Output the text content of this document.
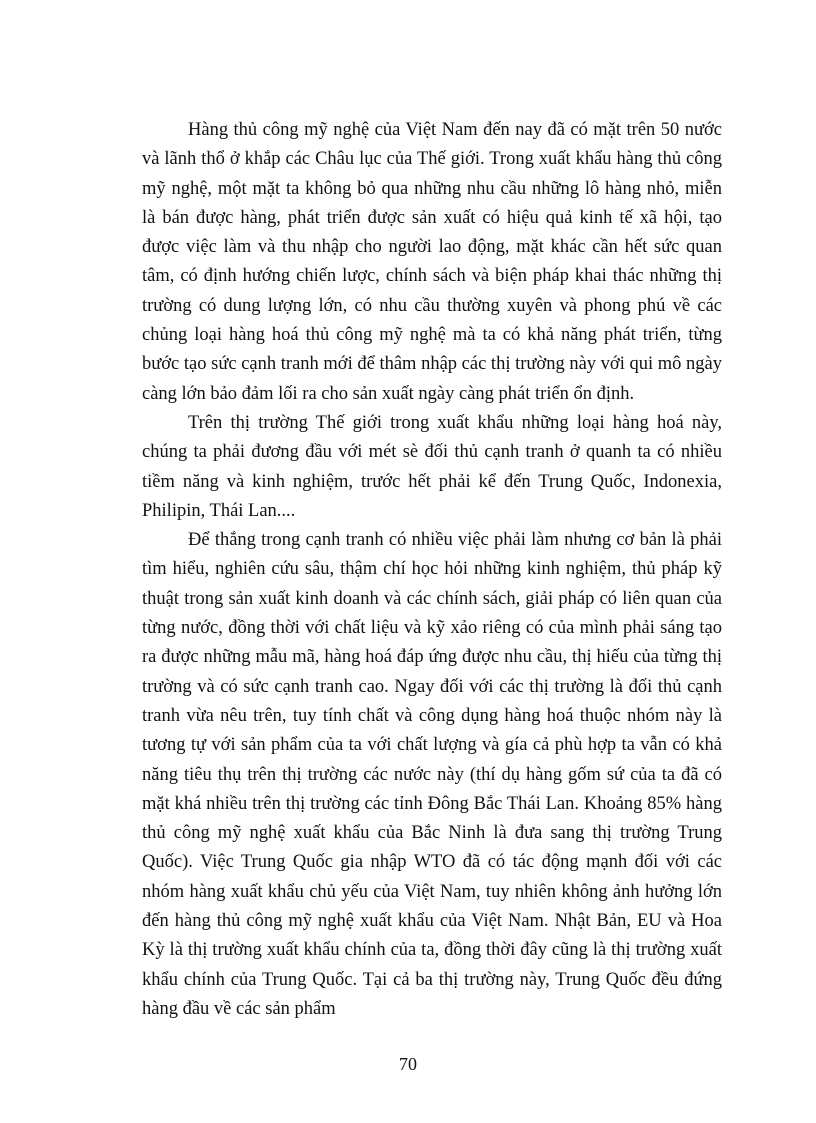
Hàng thủ công mỹ nghệ của Việt Nam đến nay đã có mặt trên 50 nước và lãnh thổ ở khắp các Châu lục của Thế giới. Trong xuất khẩu hàng thủ công mỹ nghệ, một mặt ta không bỏ qua những nhu cầu những lô hàng nhỏ, miễn là bán được hàng, phát triển được sản xuất có hiệu quả kinh tế xã hội, tạo được việc làm và thu nhập cho người lao động, mặt khác cần hết sức quan tâm, có định hướng chiến lược, chính sách và biện pháp khai thác những thị trường có dung lượng lớn, có nhu cầu thường xuyên và phong phú về các chủng loại hàng hoá thủ công mỹ nghệ mà ta có khả năng phát triển, từng bước tạo sức cạnh tranh mới để thâm nhập các thị trường này với qui mô ngày càng lớn bảo đảm lối ra cho sản xuất ngày càng phát triển ổn định.

Trên thị trường Thế giới trong xuất khẩu những loại hàng hoá này, chúng ta phải đương đầu với mét sè đối thủ cạnh tranh ở quanh ta có nhiều tiềm năng và kinh nghiệm, trước hết phải kể đến Trung Quốc, Indonexia, Philipin, Thái Lan....

Để thắng trong cạnh tranh có nhiều việc phải làm nhưng cơ bản là phải tìm hiểu, nghiên cứu sâu, thậm chí học hỏi những kinh nghiệm, thủ pháp kỹ thuật trong sản xuất kinh doanh và các chính sách, giải pháp có liên quan của từng nước, đồng thời với chất liệu và kỹ xảo riêng có của mình phải sáng tạo ra được những mẫu mã, hàng hoá đáp ứng được nhu cầu, thị hiếu của từng thị trường và có sức cạnh tranh cao. Ngay đối với các thị trường là đối thủ cạnh tranh vừa nêu trên, tuy tính chất và công dụng hàng hoá thuộc nhóm này là tương tự với sản phẩm của ta với chất lượng và gía cả phù hợp ta vẫn có khả năng tiêu thụ trên thị trường các nước này (thí dụ hàng gốm sứ của ta đã có mặt khá nhiều trên thị trường các tỉnh Đông Bắc Thái Lan. Khoảng 85% hàng thủ công mỹ nghệ xuất khẩu của Bắc Ninh là đưa sang thị trường Trung Quốc). Việc Trung Quốc gia nhập WTO đã có tác động mạnh đối với các nhóm hàng xuất khẩu chủ yếu của Việt Nam, tuy nhiên không ảnh hưởng lớn đến hàng thủ công mỹ nghệ xuất khẩu của Việt Nam. Nhật Bản, EU và Hoa Kỳ là thị trường xuất khẩu chính của ta, đồng thời đây cũng là thị trường xuất khẩu chính của Trung Quốc. Tại cả ba thị trường này, Trung Quốc đều đứng hàng đầu về các sản phẩm

70
